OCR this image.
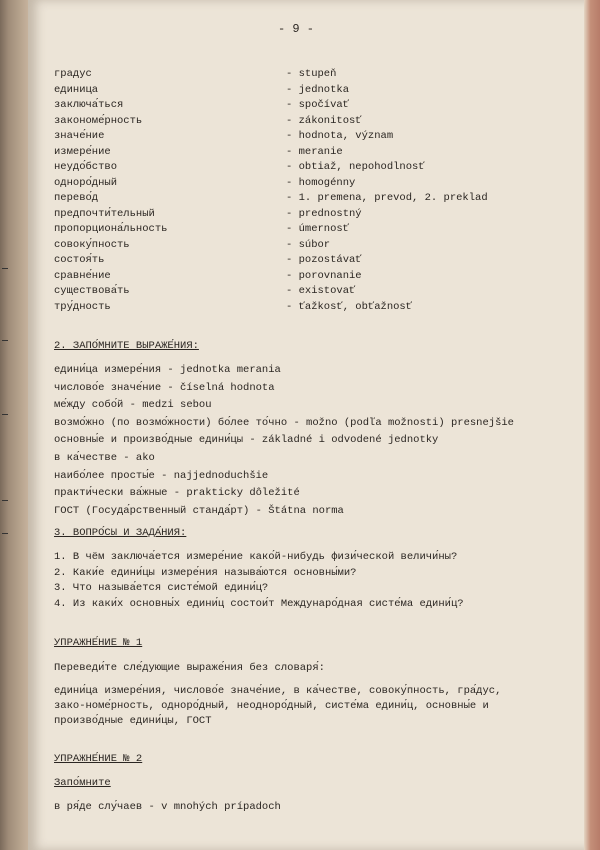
- 9 -
градус	- stupeň
единица	- jednotka
заключа́ться	- spočívať
закономе́рность	- zákonitosť
значе́ние	- hodnota, význam
измере́ние	- meranie
неудо́бство	- obtiaž, nepohodlnosť
одноро́дный	- homogénny
перево́д	- 1. premena, prevod, 2. preklad
предпочти́тельный	- prednostný
пропорциона́льность	- úmernosť
совоку́пность	- súbor
состоя́ть	- pozostávať
сравне́ние	- porovnanie
существова́ть	- existovať
тру́дность	- ťažkosť, obťažnosť
2. ЗАПО́МНИТЕ ВЫРАЖЕ́НИЯ:
едини́ца измере́ния - jednotka merania
числово́е значе́ние - číselná hodnota
ме́жду собо́й - medzi sebou
возмо́жно (по возмо́жности) бо́лее то́чно - možno (podľa možnosti) presnejšie
основны́е и произво́дные едини́цы - základné i odvodené jednotky
в ка́честве - ako
наибо́лее просты́е - najjednoduchšie
практи́чески ва́жные - prakticky dôležité
ГОСТ (Госуда́рственный станда́рт) - Štátna norma
3. ВОПРО́СЫ И ЗАДА́НИЯ:
1. В чём заключа́ется измере́ние како́й-нибудь физи́ческой величи́ны?
2. Каки́е едини́цы измере́ния называ́ются основны́ми?
3. Что называ́ется систе́мой едини́ц?
4. Из каки́х основны́х едини́ц состои́т Междунаро́дная систе́ма едини́ц?
УПРАЖНЕ́НИЕ № 1
Переведи́те сле́дующие выраже́ния без словаря́:
едини́ца измере́ния, числово́е значе́ние, в ка́честве, совоку́пность, гра́дус, зако-номе́рность, одноро́дный, неодноро́дный, систе́ма едини́ц, основны́е и произво́дные едини́цы, ГОСТ
УПРАЖНЕ́НИЕ № 2
Запо́мните
в ря́де слу́чаев - v mnohých prípadoch
